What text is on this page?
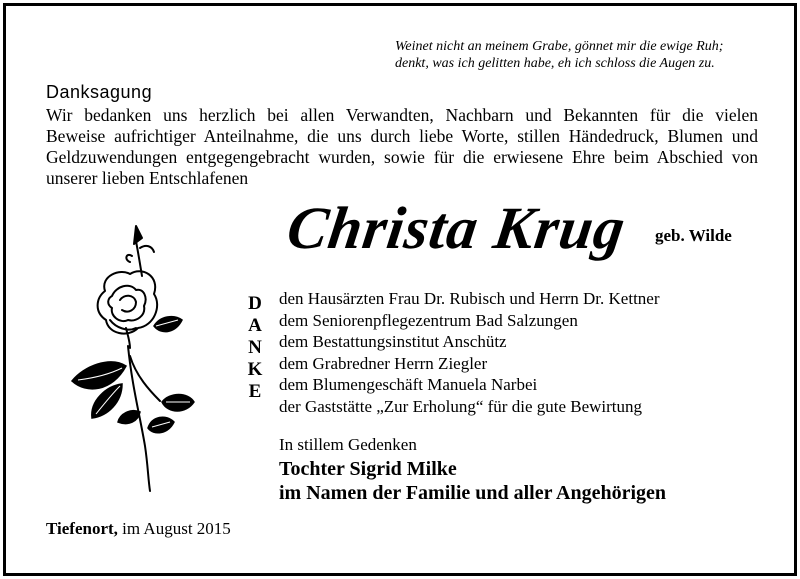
Weinet nicht an meinem Grabe, gönnet mir die ewige Ruh;
denkt, was ich gelitten habe, eh ich schloss die Augen zu.
Danksagung
Wir bedanken uns herzlich bei allen Verwandten, Nachbarn und Bekannten für die vielen
Beweise aufrichtiger Anteilnahme, die uns durch liebe Worte, stillen Händedruck, Blumen und
Geldzuwendungen entgegengebracht wurden, sowie für die erwiesene Ehre beim Abschied von
unserer lieben Entschlafenen
Christa Krug geb. Wilde
D
A
N
K
E
den Hausärzten Frau Dr. Rubisch und Herrn Dr. Kettner
dem Seniorenpflegezentrum Bad Salzungen
dem Bestattungsinstitut Anschütz
dem Grabredner Herrn Ziegler
dem Blumengeschäft Manuela Narbei
der Gaststätte „Zur Erholung“ für die gute Bewirtung
In stillem Gedenken
Tochter Sigrid Milke
im Namen der Familie und aller Angehörigen
Tiefenort, im August 2015
